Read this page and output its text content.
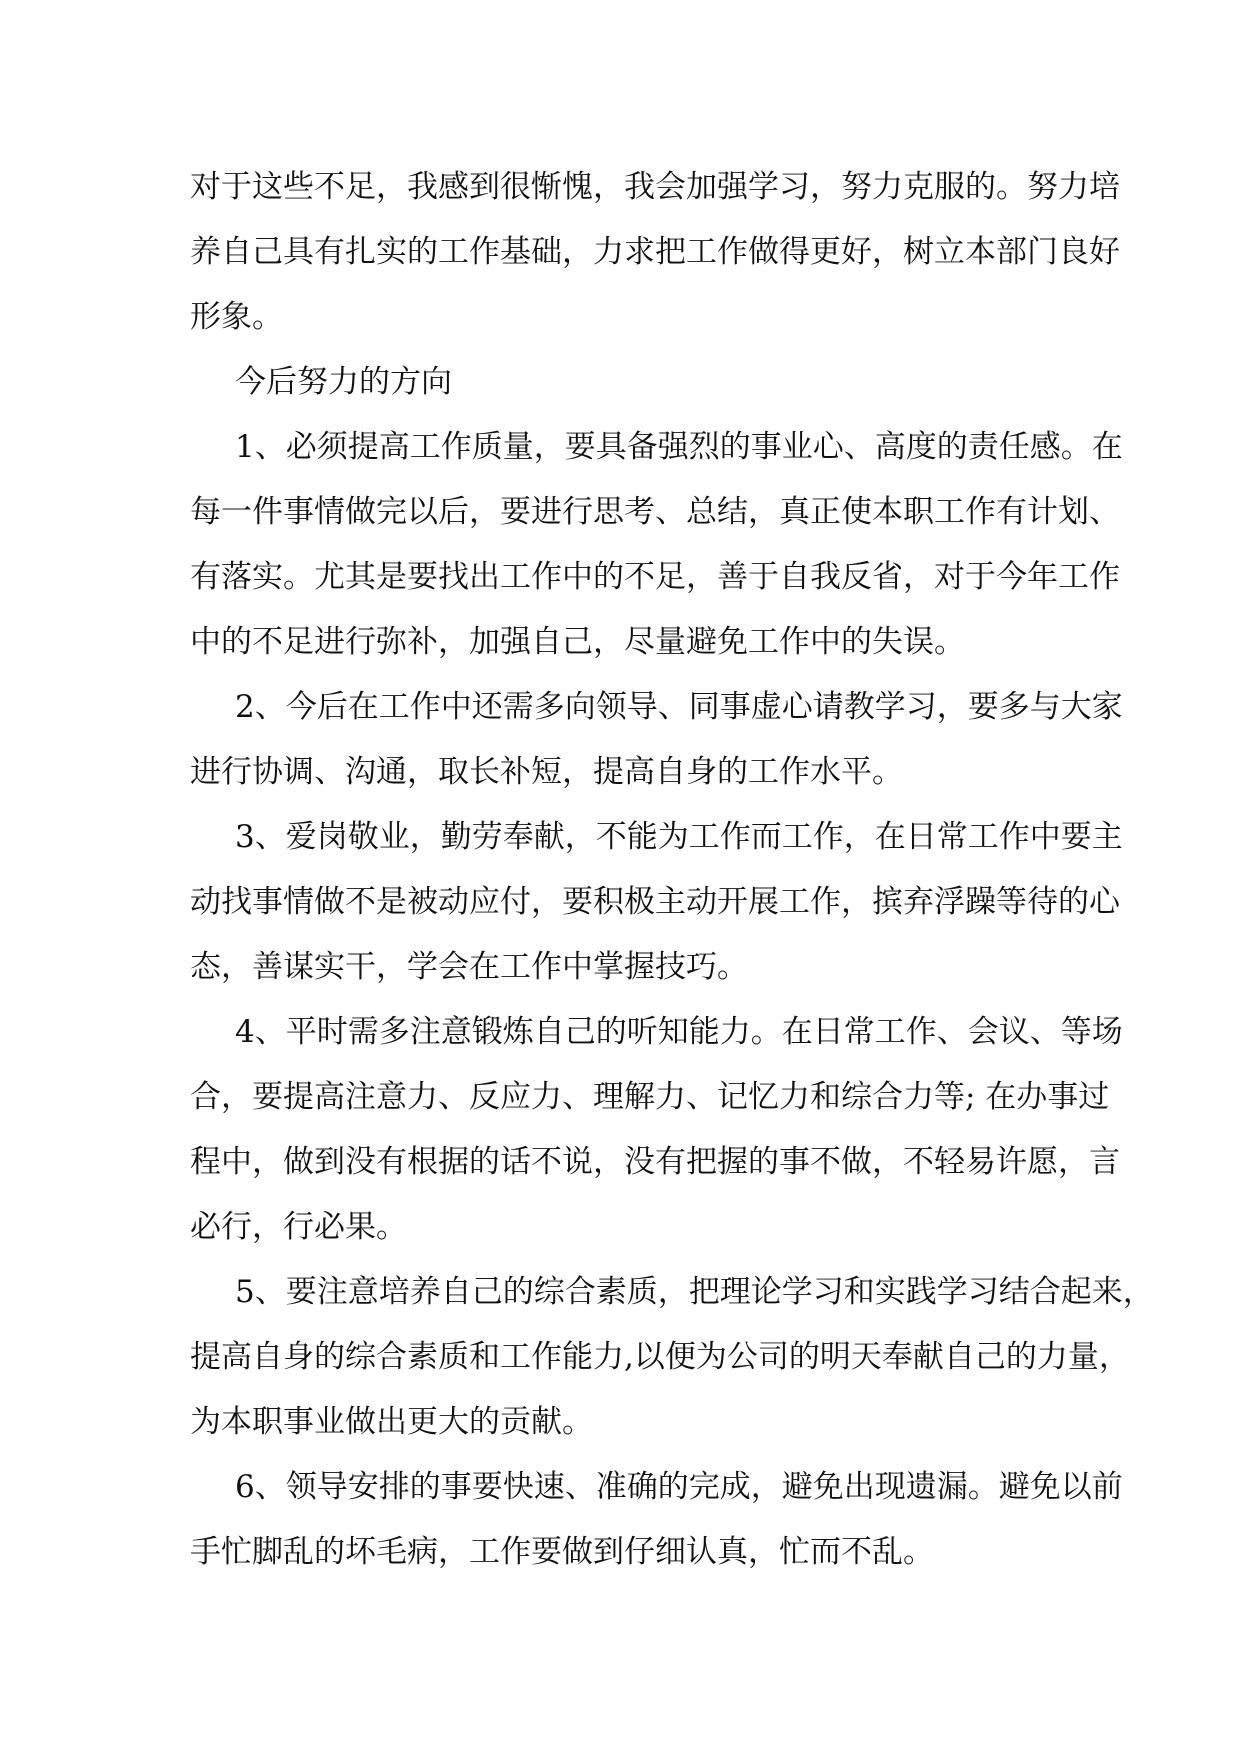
对于这些不足，我感到很惭愧，我会加强学习，努力克服的。努力培
养自己具有扎实的工作基础，力求把工作做得更好，树立本部门良好
形象。
今后努力的方向
1、必须提高工作质量，要具备强烈的事业心、高度的责任感。在
每一件事情做完以后，要进行思考、总结，真正使本职工作有计划、
有落实。尤其是要找出工作中的不足，善于自我反省，对于今年工作
中的不足进行弥补，加强自己，尽量避免工作中的失误。
2、今后在工作中还需多向领导、同事虚心请教学习，要多与大家
进行协调、沟通，取长补短，提高自身的工作水平。
3、爱岗敬业，勤劳奉献，不能为工作而工作，在日常工作中要主
动找事情做不是被动应付，要积极主动开展工作，摈弃浮躁等待的心
态，善谋实干，学会在工作中掌握技巧。
4、平时需多注意锻炼自己的听知能力。在日常工作、会议、等场
合，要提高注意力、反应力、理解力、记忆力和综合力等; 在办事过
程中，做到没有根据的话不说，没有把握的事不做，不轻易许愿，言
必行，行必果。
5、要注意培养自己的综合素质，把理论学习和实践学习结合起来，
提高自身的综合素质和工作能力,以便为公司的明天奉献自己的力量，
为本职事业做出更大的贡献。
6、领导安排的事要快速、准确的完成，避免出现遗漏。避免以前
手忙脚乱的坏毛病，工作要做到仔细认真，忙而不乱。
